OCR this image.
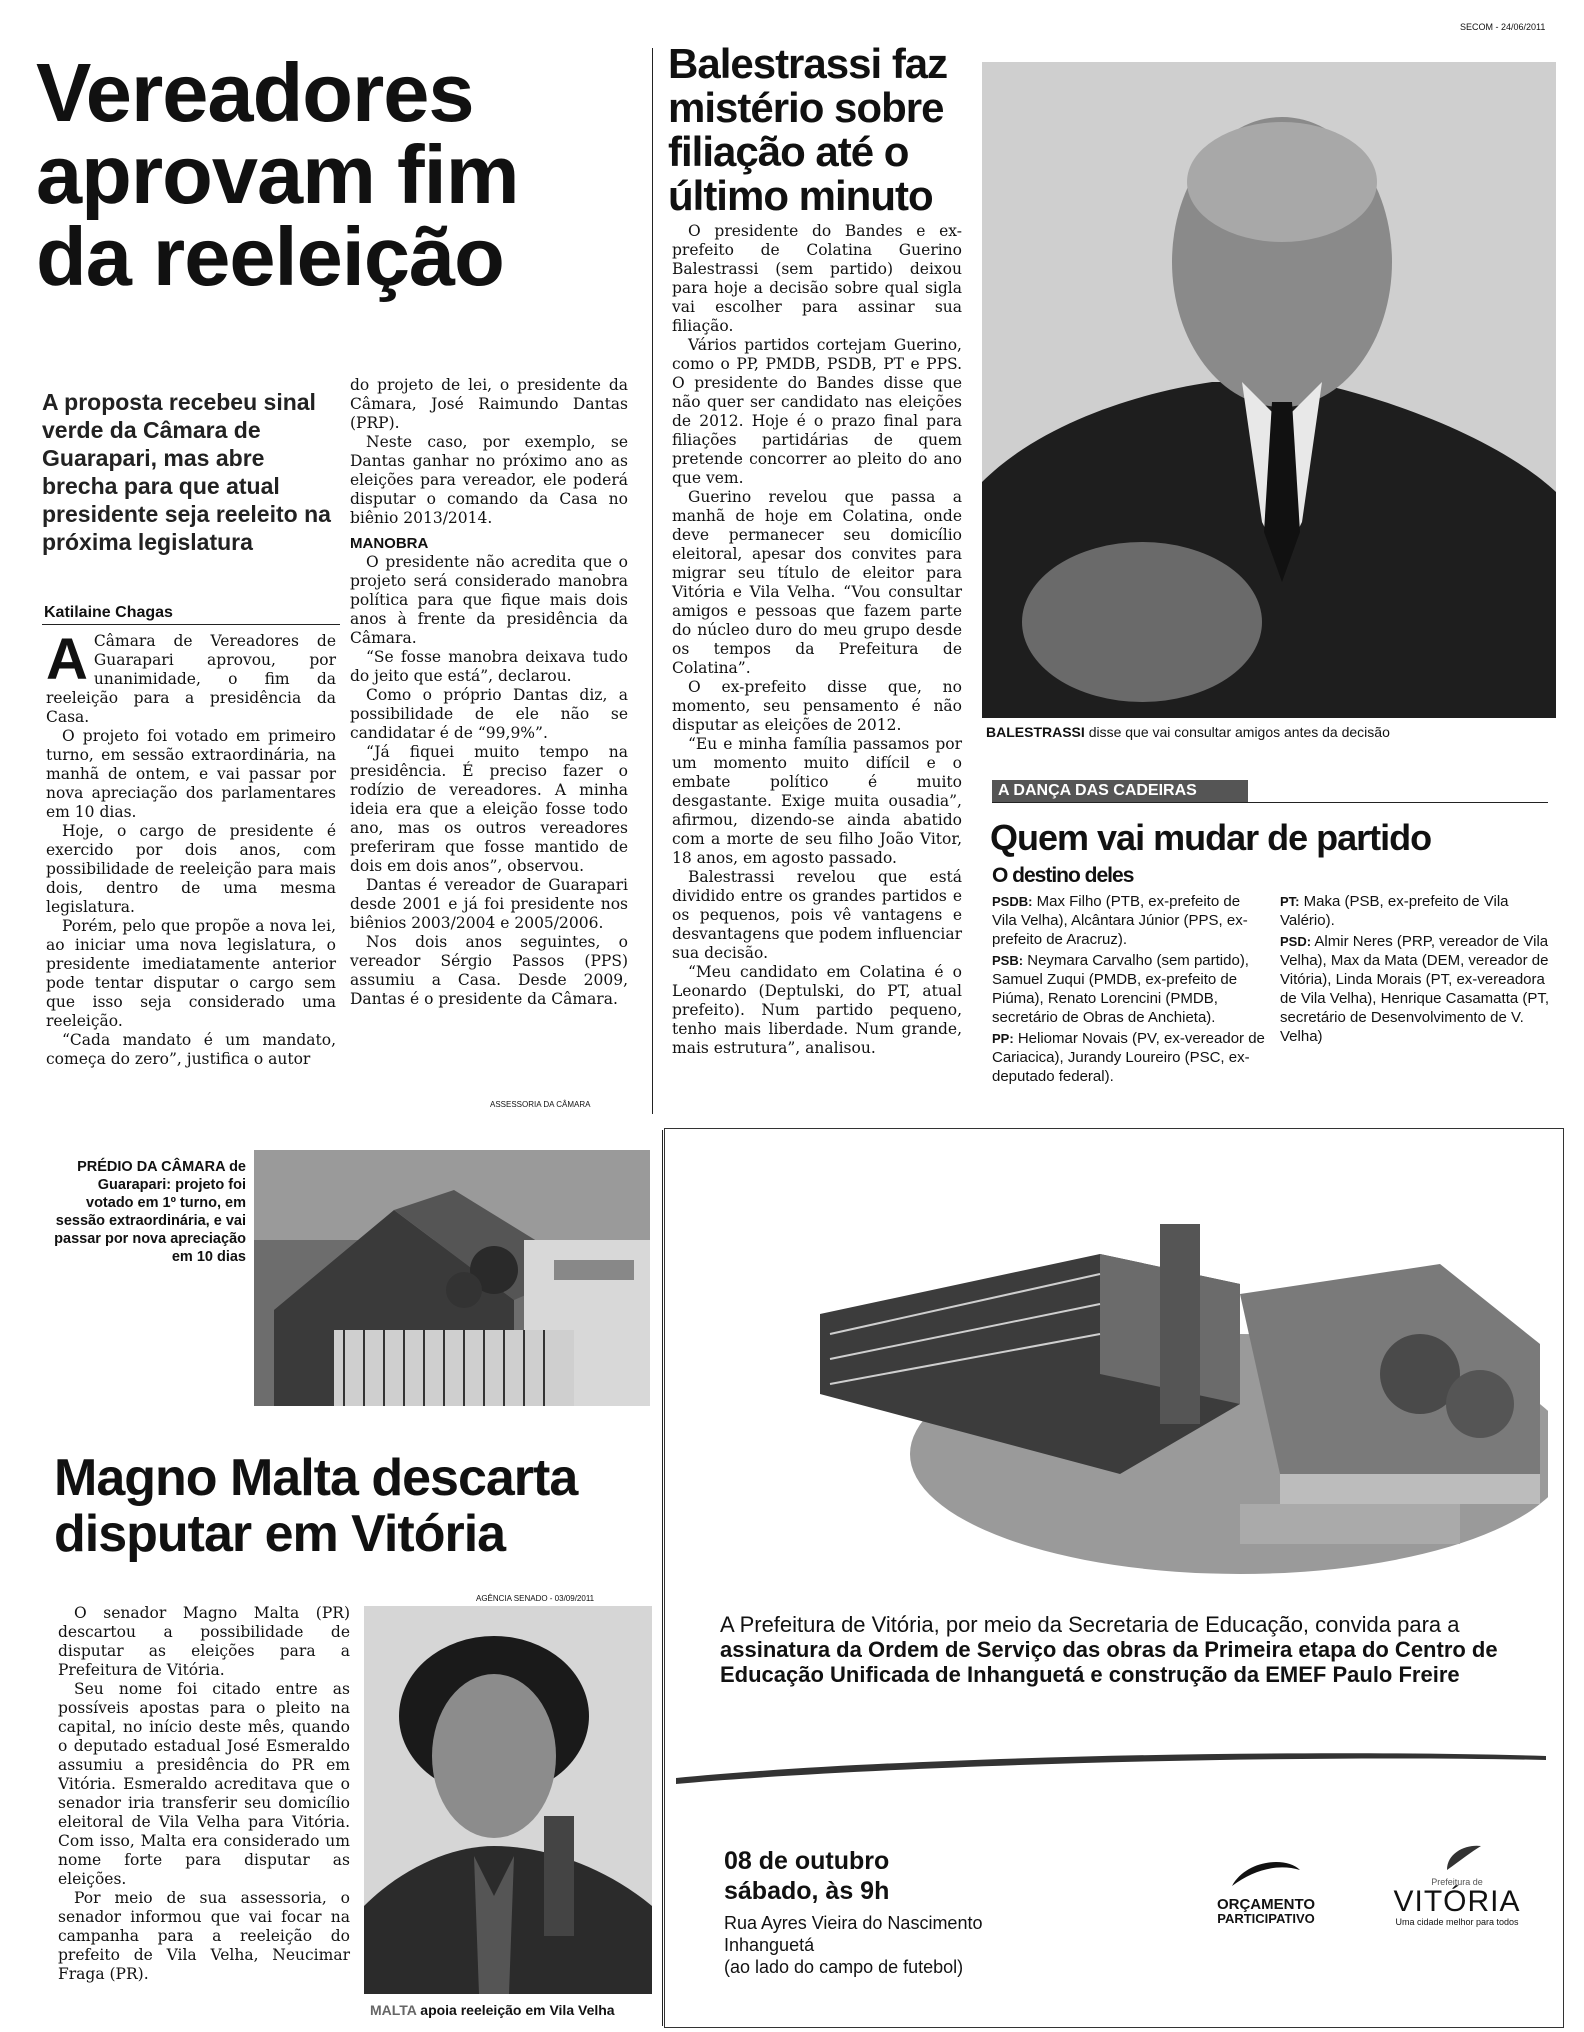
SECOM - 24/06/2011
Vereadores aprovam fim da reeleição
A proposta recebeu sinal verde da Câmara de Guarapari, mas abre brecha para que atual presidente seja reeleito na próxima legislatura
Katilaine Chagas
A Câmara de Vereadores de Guarapari aprovou, por unanimidade, o fim da reeleição para a presidência da Casa.

O projeto foi votado em primeiro turno, em sessão extraordinária, na manhã de ontem, e vai passar por nova apreciação dos parlamentares em 10 dias.

Hoje, o cargo de presidente é exercido por dois anos, com possibilidade de reeleição para mais dois, dentro de uma mesma legislatura.

Porém, pelo que propõe a nova lei, ao iniciar uma nova legislatura, o presidente imediatamente anterior pode tentar disputar o cargo sem que isso seja considerado uma reeleição.

“Cada mandato é um mandato, começa do zero”, justifica o autor

do projeto de lei, o presidente da Câmara, José Raimundo Dantas (PRP).

Neste caso, por exemplo, se Dantas ganhar no próximo ano as eleições para vereador, ele poderá disputar o comando da Casa no biênio 2013/2014.

MANOBRA

O presidente não acredita que o projeto será considerado manobra política para que fique mais dois anos à frente da presidência da Câmara.

“Se fosse manobra deixava tudo do jeito que está”, declarou.

Como o próprio Dantas diz, a possibilidade de ele não se candidatar é de “99,9%”.

“Já fiquei muito tempo na presidência. É preciso fazer o rodízio de vereadores. A minha ideia era que a eleição fosse todo ano, mas os outros vereadores preferiram que fosse mantido de dois em dois anos”, observou.

Dantas é vereador de Guarapari desde 2001 e já foi presidente nos biênios 2003/2004 e 2005/2006.

Nos dois anos seguintes, o vereador Sérgio Passos (PPS) assumiu a Casa. Desde 2009, Dantas é o presidente da Câmara.

ASSESSORIA DA CÂMARA
PRÉDIO DA CÂMARA de Guarapari: projeto foi votado em 1º turno, em sessão extraordinária, e vai passar por nova apreciação em 10 dias
Balestrassi faz mistério sobre filiação até o último minuto

O presidente do Bandes e ex-prefeito de Colatina Guerino Balestrassi (sem partido) deixou para hoje a decisão sobre qual sigla vai escolher para assinar sua filiação.

Vários partidos cortejam Guerino, como o PP, PMDB, PSDB, PT e PPS. O presidente do Bandes disse que não quer ser candidato nas eleições de 2012. Hoje é o prazo final para filiações partidárias de quem pretende concorrer ao pleito do ano que vem.

Guerino revelou que passa a manhã de hoje em Colatina, onde deve permanecer seu domicílio eleitoral, apesar dos convites para migrar seu título de eleitor para Vitória e Vila Velha. “Vou consultar amigos e pessoas que fazem parte do núcleo duro do meu grupo desde os tempos da Prefeitura de Colatina”.

O ex-prefeito disse que, no momento, seu pensamento é não disputar as eleições de 2012.

“Eu e minha família passamos por um momento muito difícil e o embate político é muito desgastante. Exige muita ousadia”, afirmou, dizendo-se ainda abatido com a morte de seu filho João Vitor, 18 anos, em agosto passado.

Balestrassi revelou que está dividido entre os grandes partidos e os pequenos, pois vê vantagens e desvantagens que podem influenciar sua decisão.

“Meu candidato em Colatina é o Leonardo (Deptulski, do PT, atual prefeito). Num partido pequeno, tenho mais liberdade. Num grande, mais estrutura”, analisou.

BALESTRASSI disse que vai consultar amigos antes da decisão
A DANÇA DAS CADEIRAS
Quem vai mudar de partido
O destino deles
PSDB: Max Filho (PTB, ex-prefeito de Vila Velha), Alcântara Júnior (PPS, ex-prefeito de Aracruz).
PSB: Neymara Carvalho (sem partido), Samuel Zuqui (PMDB, ex-prefeito de Piúma), Renato Lorencini (PMDB, secretário de Obras de Anchieta).
PP: Heliomar Novais (PV, ex-vereador de Cariacica), Jurandy Loureiro (PSC, ex-deputado federal).
PT: Maka (PSB, ex-prefeito de Vila Valério).
PSD: Almir Neres (PRP, vereador de Vila Velha), Max da Mata (DEM, vereador de Vitória), Linda Morais (PT, ex-vereadora de Vila Velha), Henrique Casamatta (PT, secretário de Desenvolvimento de V. Velha)
Magno Malta descarta disputar em Vitória

O senador Magno Malta (PR) descartou a possibilidade de disputar as eleições para a Prefeitura de Vitória.

Seu nome foi citado entre as possíveis apostas para o pleito na capital, no início deste mês, quando o deputado estadual José Esmeraldo assumiu a presidência do PR em Vitória. Esmeraldo acreditava que o senador iria transferir seu domicílio eleitoral de Vila Velha para Vitória. Com isso, Malta era considerado um nome forte para disputar as eleições.

Por meio de sua assessoria, o senador informou que vai focar na campanha para a reeleição do prefeito de Vila Velha, Neucimar Fraga (PR).

AGÊNCIA SENADO - 03/09/2011
MALTA apoia reeleição em Vila Velha
A Prefeitura de Vitória, por meio da Secretaria de Educação, convida para a assinatura da Ordem de Serviço das obras da Primeira etapa do Centro de Educação Unificada de Inhanguetá e construção da EMEF Paulo Freire
08 de outubro
sábado, às 9h
Rua Ayres Vieira do Nascimento
Inhanguetá
(ao lado do campo de futebol)
ORÇAMENTO
PARTICIPATIVO
Prefeitura de
VITÓRIA
Uma cidade melhor para todos
